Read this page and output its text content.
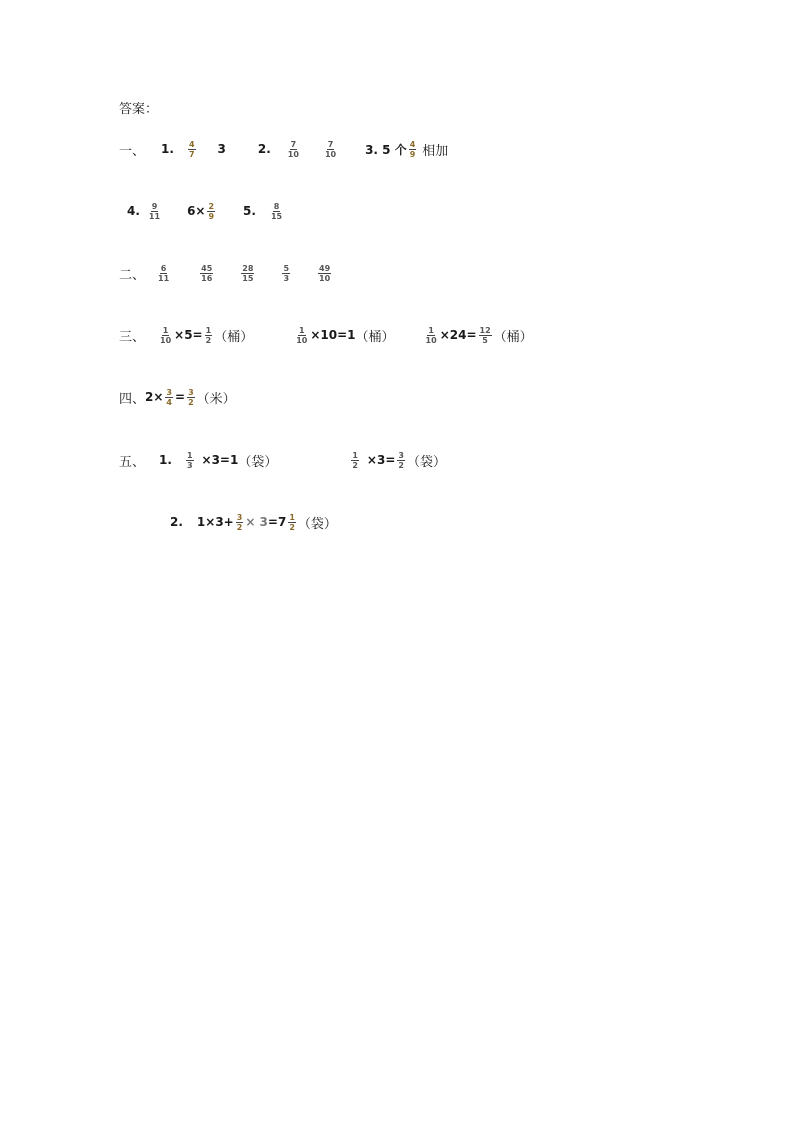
答案：
一、 1. $\frac{4}{7} 3$	2. $\frac{7}{10}$	$\frac{7}{10} 3$. 5 个 $\frac{4}{9}$ 相加
4. $\frac{9}{11} 6\times \frac{2}{9} 5$. $\frac{8}{15}$
二、 $\frac{6}{11}$	$\frac{45}{16}$	$\frac{28}{15}$	$\frac{5}{3}$	$\frac{49}{10}$
三、 $\frac{1}{10} \times 5= \frac{1}{2}$ （桶）	$\frac{1}{10} \times 10=1$ （桶）	$\frac{1}{10} \times 24= \frac{12}{5}$ （桶）
四、 $2\times \frac{3}{4} = \frac{3}{2}$ （米）
五、 1. $\frac{1}{3} \times 3=1$ （袋）	$\frac{1}{2} \times 3= \frac{3}{2}$ （袋）
2. $1\times 3+ \frac{3}{2} \times 3 =7 \frac{1}{2}$ （袋）
